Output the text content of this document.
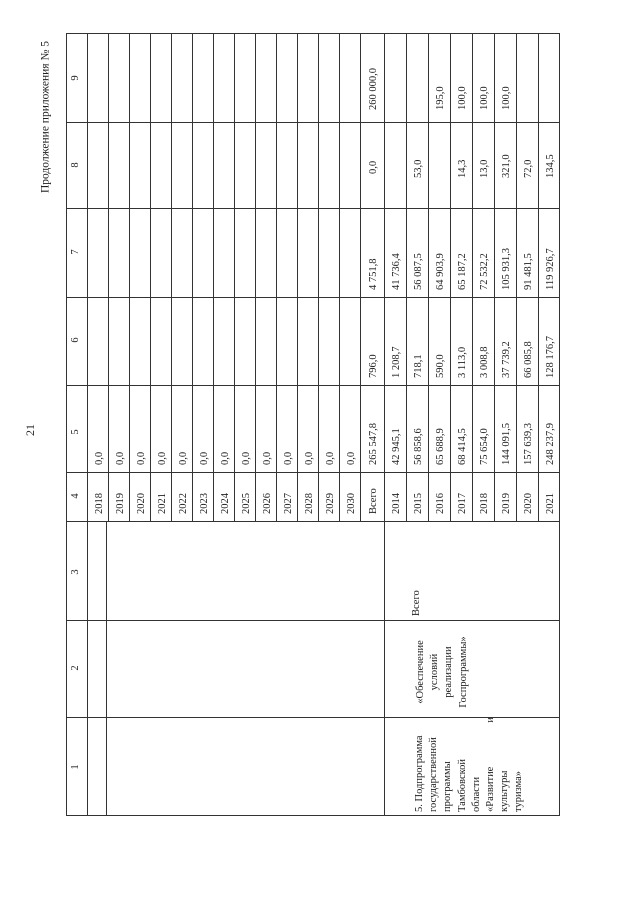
21
Продолжение приложения № 5
1
2
3
4
5
6
7
8
9
5. Подпрограмма государственной программы Тамбовской области «Развитие
и
культуры туризма»
«Обеспечение условий реализации Госпрограммы»
Всего
2018
0,0
2019
0,0
2020
0,0
2021
0,0
2022
0,0
2023
0,0
2024
0,0
2025
0,0
2026
0,0
2027
0,0
2028
0,0
2029
0,0
2030
0,0
Всего
265 547,8
796,0
4 751,8
0,0
260 000,0
2014
42 945,1
1 208,7
41 736,4
2015
56 858,6
718,1
56 087,5
53,0
2016
65 688,9
590,0
64 903,9
195,0
2017
68 414,5
3 113,0
65 187,2
14,3
100,0
2018
75 654,0
3 008,8
72 532,2
13,0
100,0
2019
144 091,5
37 739,2
105 931,3
321,0
100,0
2020
157 639,3
66 085,8
91 481,5
72,0
2021
248 237,9
128 176,7
119 926,7
134,5
